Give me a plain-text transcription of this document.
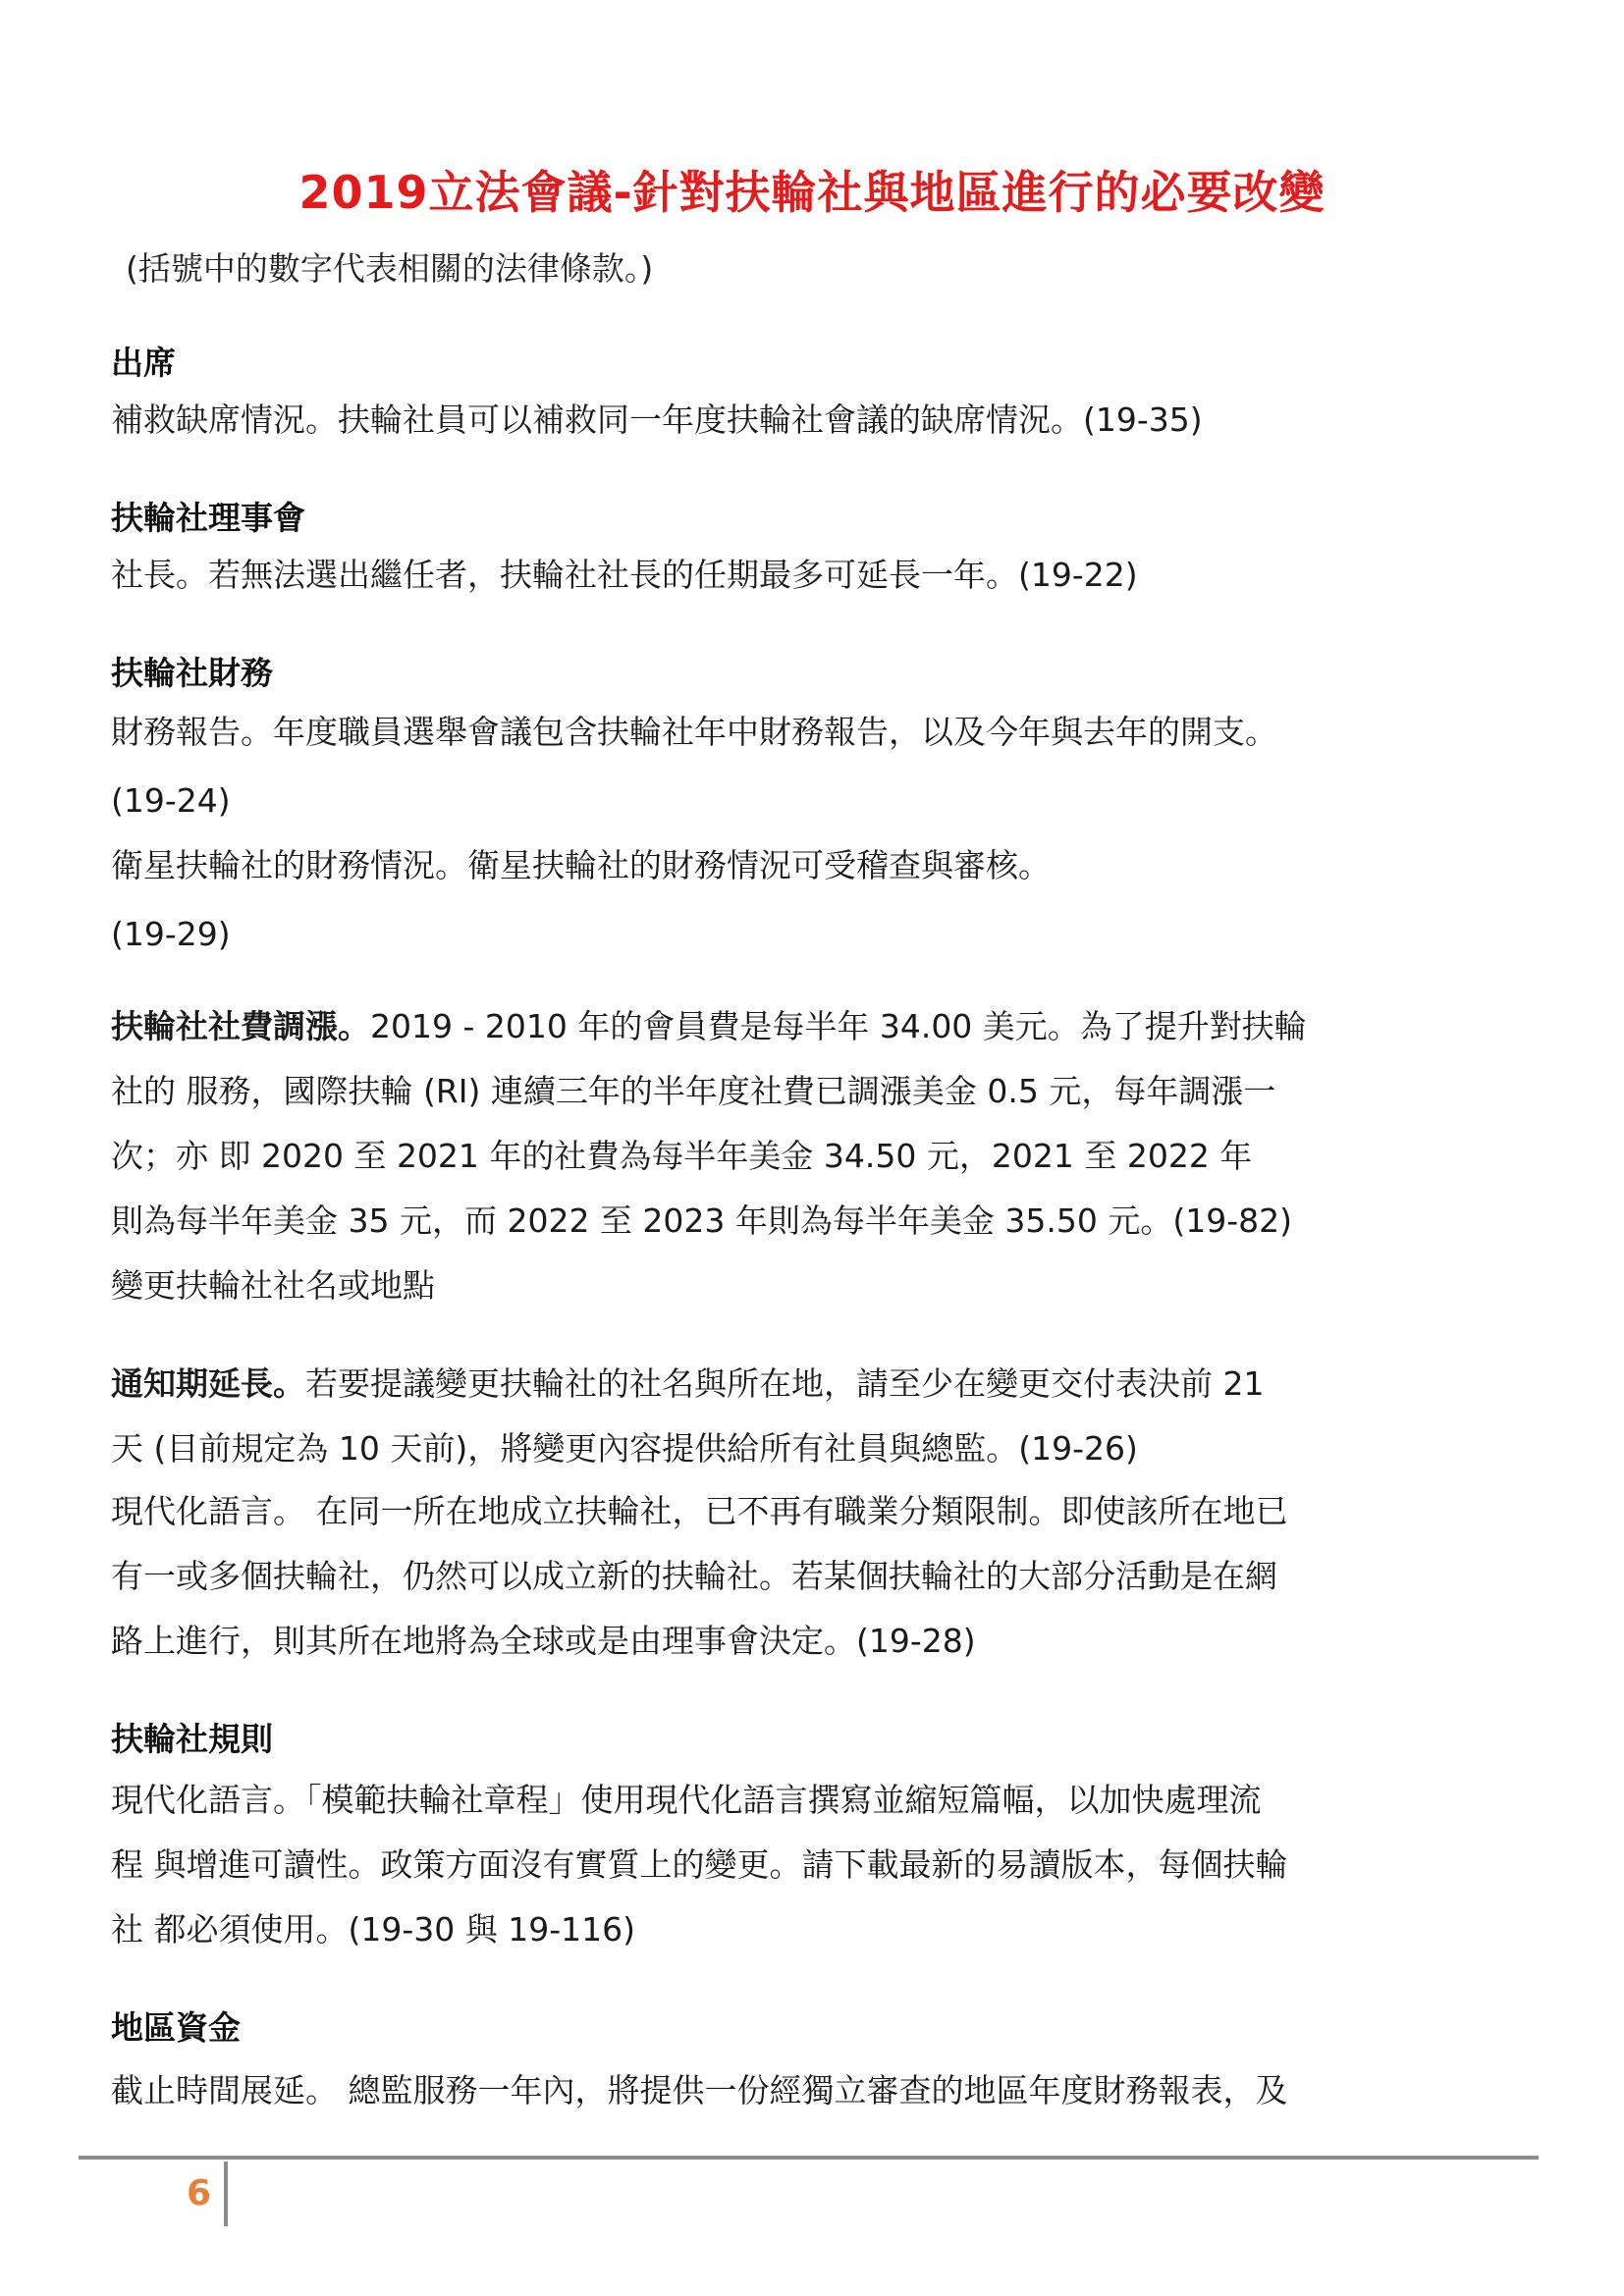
2019立法會議-針對扶輪社與地區進行的必要改變
(括號中的數字代表相關的法律條款。)
出席
補救缺席情況。扶輪社員可以補救同一年度扶輪社會議的缺席情況。(19-35)
扶輪社理事會
社長。若無法選出繼任者，扶輪社社長的任期最多可延長一年。(19-22)
扶輪社財務
財務報告。年度職員選舉會議包含扶輪社年中財務報告，以及今年與去年的開支。
(19-24)
衛星扶輪社的財務情況。衛星扶輪社的財務情況可受稽查與審核。
(19-29)
扶輪社社費調漲。2019 - 2010 年的會員費是每半年 34.00 美元。為了提升對扶輪
社的 服務，國際扶輪 (RI) 連續三年的半年度社費已調漲美金 0.5 元，每年調漲一
次；亦 即 2020 至 2021 年的社費為每半年美金 34.50 元，2021 至 2022 年
則為每半年美金 35 元，而 2022 至 2023 年則為每半年美金 35.50 元。(19-82)
變更扶輪社社名或地點
通知期延長。若要提議變更扶輪社的社名與所在地，請至少在變更交付表決前 21
天 (目前規定為 10 天前)，將變更內容提供給所有社員與總監。(19-26)
現代化語言。 在同一所在地成立扶輪社，已不再有職業分類限制。即使該所在地已
有一或多個扶輪社，仍然可以成立新的扶輪社。若某個扶輪社的大部分活動是在網
路上進行，則其所在地將為全球或是由理事會決定。(19-28)
扶輪社規則
現代化語言。「模範扶輪社章程」使用現代化語言撰寫並縮短篇幅，以加快處理流
程 與增進可讀性。政策方面沒有實質上的變更。請下載最新的易讀版本，每個扶輪
社 都必須使用。(19-30 與 19-116)
地區資金
截止時間展延。 總監服務一年內，將提供一份經獨立審查的地區年度財務報表，及
6
